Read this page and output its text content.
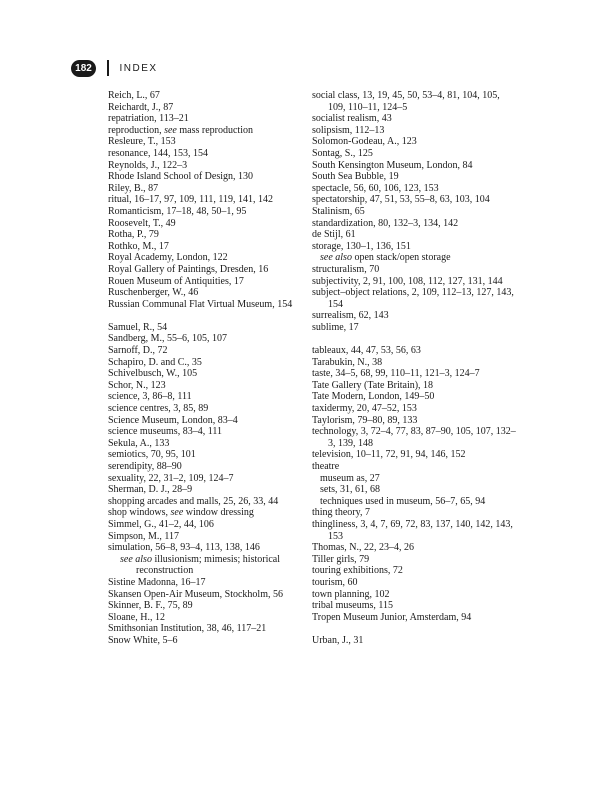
182	INDEX
Reich, L., 67
Reichardt, J., 87
repatriation, 113–21
reproduction, see mass reproduction
Resleure, T., 153
resonance, 144, 153, 154
Reynolds, J., 122–3
Rhode Island School of Design, 130
Riley, B., 87
ritual, 16–17, 97, 109, 111, 119, 141, 142
Romanticism, 17–18, 48, 50–1, 95
Roosevelt, T., 49
Rotha, P., 79
Rothko, M., 17
Royal Academy, London, 122
Royal Gallery of Paintings, Dresden, 16
Rouen Museum of Antiquities, 17
Ruschenberger, W., 46
Russian Communal Flat Virtual Museum, 154
Samuel, R., 54
Sandberg, M., 55–6, 105, 107
Sarnoff, D., 72
Schapiro, D. and C., 35
Schivelbusch, W., 105
Schor, N., 123
science, 3, 86–8, 111
science centres, 3, 85, 89
Science Museum, London, 83–4
science museums, 83–4, 111
Sekula, A., 133
semiotics, 70, 95, 101
serendipity, 88–90
sexuality, 22, 31–2, 109, 124–7
Sherman, D. J., 28–9
shopping arcades and malls, 25, 26, 33, 44
shop windows, see window dressing
Simmel, G., 41–2, 44, 106
Simpson, M., 117
simulation, 56–8, 93–4, 113, 138, 146
see also illusionism; mimesis; historical reconstruction
Sistine Madonna, 16–17
Skansen Open-Air Museum, Stockholm, 56
Skinner, B. F., 75, 89
Sloane, H., 12
Smithsonian Institution, 38, 46, 117–21
Snow White, 5–6
social class, 13, 19, 45, 50, 53–4, 81, 104, 105, 109, 110–11, 124–5
socialist realism, 43
solipsism, 112–13
Solomon-Godeau, A., 123
Sontag, S., 125
South Kensington Museum, London, 84
South Sea Bubble, 19
spectacle, 56, 60, 106, 123, 153
spectatorship, 47, 51, 53, 55–8, 63, 103, 104
Stalinism, 65
standardization, 80, 132–3, 134, 142
de Stijl, 61
storage, 130–1, 136, 151
see also open stack/open storage
structuralism, 70
subjectivity, 2, 91, 100, 108, 112, 127, 131, 144
subject–object relations, 2, 109, 112–13, 127, 143, 154
surrealism, 62, 143
sublime, 17
tableaux, 44, 47, 53, 56, 63
Tarabukin, N., 38
taste, 34–5, 68, 99, 110–11, 121–3, 124–7
Tate Gallery (Tate Britain), 18
Tate Modern, London, 149–50
taxidermy, 20, 47–52, 153
Taylorism, 79–80, 89, 133
technology, 3, 72–4, 77, 83, 87–90, 105, 107, 132–3, 139, 148
television, 10–11, 72, 91, 94, 146, 152
theatre
museum as, 27
sets, 31, 61, 68
techniques used in museum, 56–7, 65, 94
thing theory, 7
thingliness, 3, 4, 7, 69, 72, 83, 137, 140, 142, 143, 153
Thomas, N., 22, 23–4, 26
Tiller girls, 79
touring exhibitions, 72
tourism, 60
town planning, 102
tribal museums, 115
Tropen Museum Junior, Amsterdam, 94
Urban, J., 31
